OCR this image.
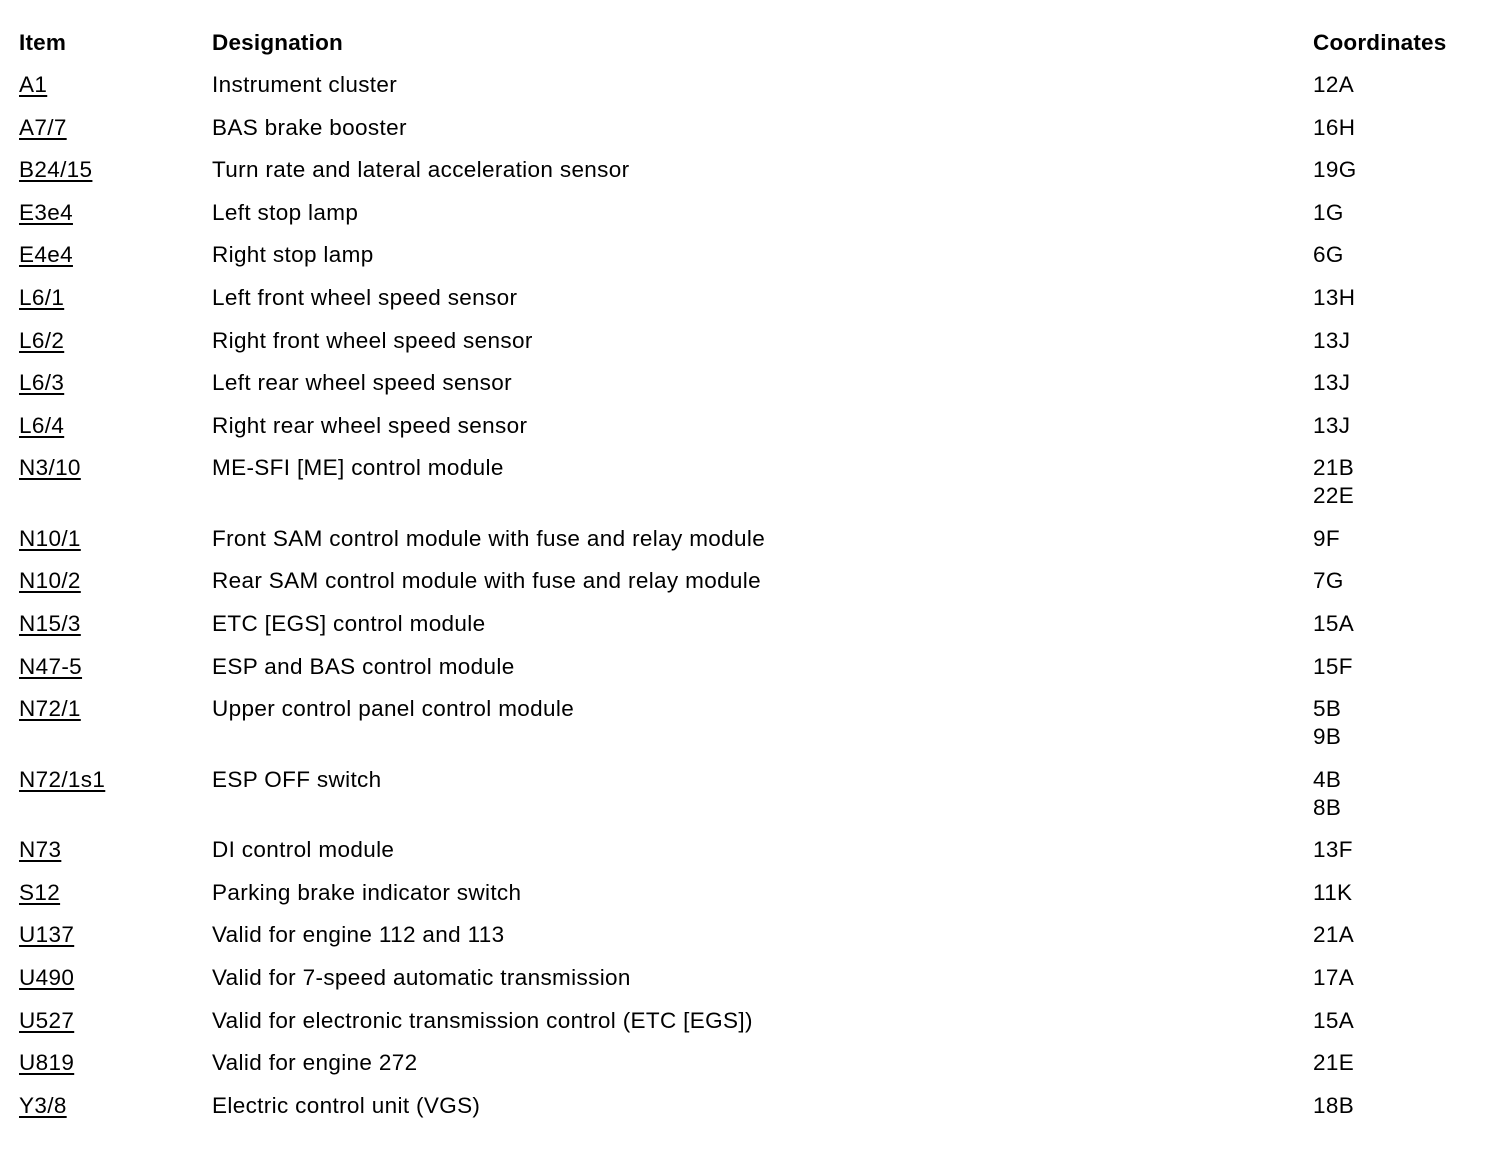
Item	Designation	Coordinates
A1	Instrument cluster	12A
A7/7	BAS brake booster	16H
B24/15	Turn rate and lateral acceleration sensor	19G
E3e4	Left stop lamp	1G
E4e4	Right stop lamp	6G
L6/1	Left front wheel speed sensor	13H
L6/2	Right front wheel speed sensor	13J
L6/3	Left rear wheel speed sensor	13J
L6/4	Right rear wheel speed sensor	13J
N3/10	ME-SFI [ME] control module	21B
22E
N10/1	Front SAM control module with fuse and relay module	9F
N10/2	Rear SAM control module with fuse and relay module	7G
N15/3	ETC [EGS] control module	15A
N47-5	ESP and BAS control module	15F
N72/1	Upper control panel control module	5B
9B
N72/1s1	ESP OFF switch	4B
8B
N73	DI control module	13F
S12	Parking brake indicator switch	11K
U137	Valid for engine 112 and 113	21A
U490	Valid for 7-speed automatic transmission	17A
U527	Valid for electronic transmission control (ETC [EGS])	15A
U819	Valid for engine 272	21E
Y3/8	Electric control unit (VGS)	18B
